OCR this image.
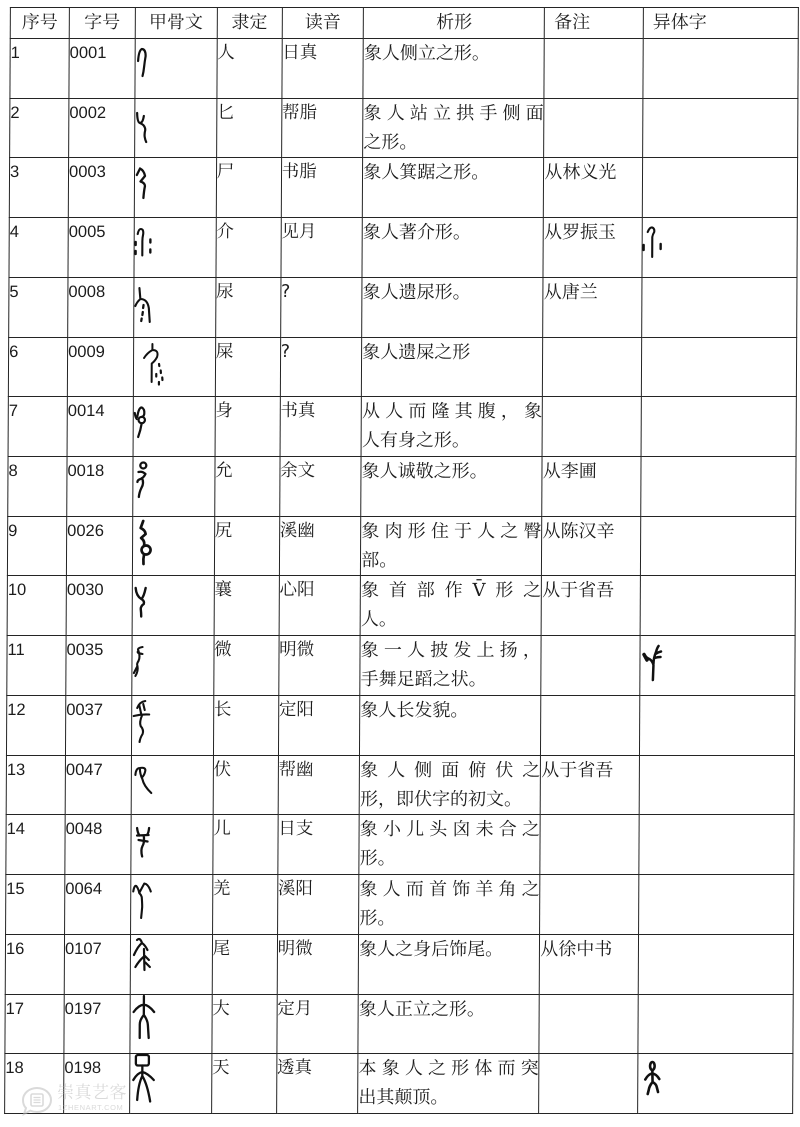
序号	字号	甲骨文	隶定	读音	析形	备注	异体字

1	0001		人	日真	象人侧立之形。

2	0002		匕	帮脂	象人站立拱手侧面
之形。

3	0003		尸	书脂	象人箕踞之形。	从林义光

4	0005		介	见月	象人著介形。	从罗振玉

5	0008		尿	?	象人遗尿形。	从唐兰

6	0009		屎	?	象人遗屎之形

7	0014		身	书真	从人而隆其腹，象
人有身之形。

8	0018		允	余文	象人诚敬之形。	从李圃

9	0026		尻	溪幽	象肉形住于人之臀
部。	从陈汉辛

10	0030		襄	心阳	象首部作V̄形之
人。	从于省吾

11	0035		微	明微	象一人披发上扬，
手舞足蹈之状。

12	0037		长	定阳	象人长发貌。

13	0047		伏	帮幽	象人侧面俯伏之
形，即伏字的初文。	从于省吾

14	0048		儿	日支	象小儿头囟未合之
形。

15	0064		羌	溪阳	象人而首饰羊角之
形。

16	0107		尾	明微	象人之身后饰尾。	从徐中书

17	0197		大	定月	象人正立之形。

18	0198		天	透真	本象人之形体而突
出其颠顶。

崇真艺客
1ZHENART.COM
